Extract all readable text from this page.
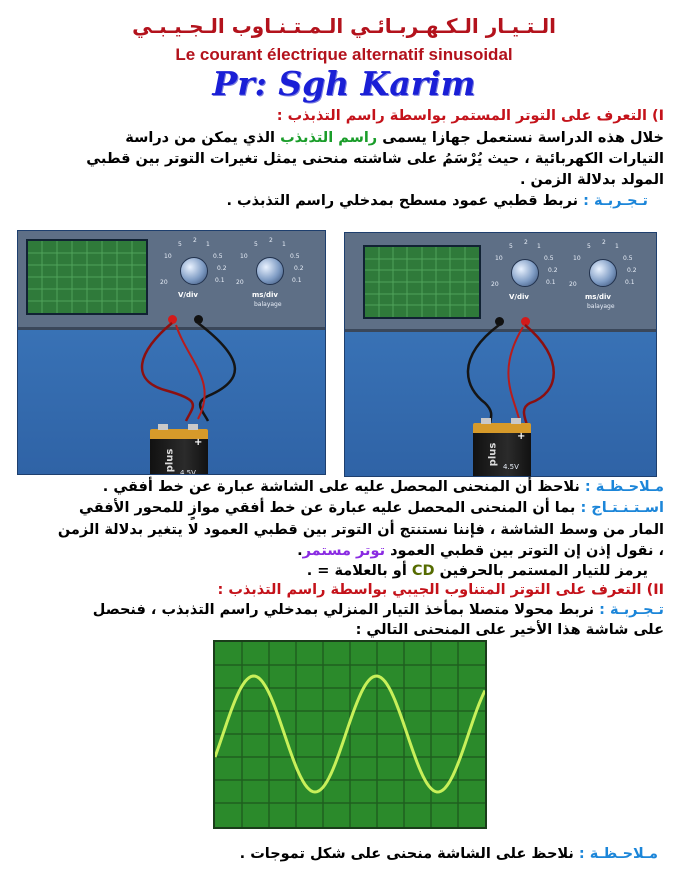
الـتـيـار الـكـهـربـائـي الـمـتـنـاوب الـجـيـبـي
Le courant électrique alternatif sinusoidal
Pr: Sgh Karim
I) التعرف على التوتر المستمر بواسطة راسم التذبذب :
خلال هذه الدراسة نستعمل جهازا يسمى راسم التذبذب الذي يمكن من دراسة
التيارات الكهربائية ، حيث يُرْسَمُ على شاشته منحنى يمثل تغيرات التوتر بين قطبي
المولد بدلالة الزمن .
تـجـربـة : نربط قطبي عمود مسطح بمدخلي راسم التذبذب .
10
5
2
1
0.5
0.2
0.1
20
V/div
10
5
2
1
0.5
0.2
0.1
20
ms/div
balayage
plus
+
4.5V
10
5
2
1
0.5
0.2
0.1
20
V/div
10
5
2
1
0.5
0.2
0.1
20
ms/div
balayage
plus
+
4.5V
مـلاحـظـة : نلاحظ أن المنحنى المحصل عليه على الشاشة عبارة عن خط أفقي .
اسـتـنـتـاج : بما أن المنحنى المحصل عليه عبارة عن خط أفقي موازٍ للمحور الأفقي
المار من وسط الشاشة ، فإننا نستنتج أن التوتر بين قطبي العمود لا يتغير بدلالة الزمن
، نقول إذن إن التوتر بين قطبي العمود توتر مستمر.
يرمز للتيار المستمر بالحرفين CD أو بالعلامة = .
II) التعرف على التوتر المتناوب الجيبي بواسطة راسم التذبذب :
تـجـربـة : نربط محولا متصلا بمأخذ التيار المنزلي بمدخلي راسم التذبذب ، فنحصل
على شاشة هذا الأخير على المنحنى التالي :
مـلاحـظـة : نلاحظ على الشاشة منحنى على شكل تموجات .
